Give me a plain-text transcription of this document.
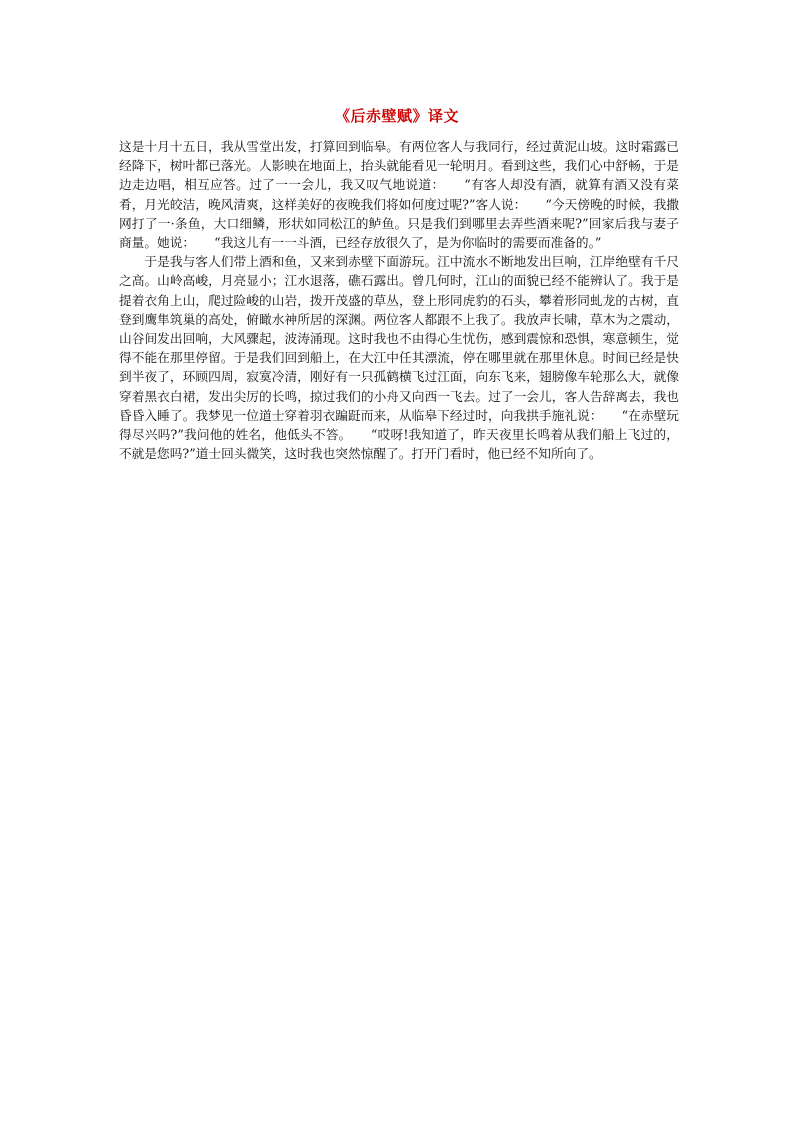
《后赤壁赋》译文

这是十月十五日，我从雪堂出发，打算回到临皋。有两位客人与我同行，经过黄泥山坡。这时霜露已经降下，树叶都已落光。人影映在地面上，抬头就能看见一轮明月。看到这些，我们心中舒畅，于是边走边唱，相互应答。过了一一会儿，我又叹气地说道：　　“有客人却没有酒，就算有酒又没有菜肴，月光皎洁，晚风清爽，这样美好的夜晚我们将如何度过呢?”客人说：　　“今天傍晚的时候，我撒网打了一·条鱼，大口细鳞，形状如同松江的鲈鱼。只是我们到哪里去弄些酒来呢?”回家后我与妻子商量。她说：　　“我这儿有一一斗酒，已经存放很久了，是为你临时的需要而准备的。”

于是我与客人们带上酒和鱼，又来到赤壁下面游玩。江中流水不断地发出巨响，江岸绝壁有千尺之高。山岭高峻，月亮显小；江水退落，礁石露出。曾几何时，江山的面貌已经不能辨认了。我于是提着衣角上山，爬过险峻的山岩，拨开茂盛的草丛，登上形同虎豹的石头，攀着形同虬龙的古树，直登到鹰隼筑巢的高处，俯瞰水神所居的深渊。两位客人都跟不上我了。我放声长啸，草木为之震动，山谷间发出回响，大风骤起，波涛涌现。这时我也不由得心生忧伤，感到震惊和恐惧，寒意顿生，觉得不能在那里停留。于是我们回到船上，在大江中任其漂流，停在哪里就在那里休息。时间已经是快到半夜了，环顾四周，寂寞冷清，刚好有一只孤鹤横飞过江面，向东飞来，翅膀像车轮那么大，就像穿着黑衣白裙，发出尖厉的长鸣，掠过我们的小舟又向西一飞去。过了一会儿，客人告辞离去，我也昏昏入睡了。我梦见一位道士穿着羽衣蹁跹而来，从临皋下经过时，向我拱手施礼说：　　“在赤壁玩得尽兴吗?”我问他的姓名，他低头不答。　　“哎呀!我知道了，昨天夜里长鸣着从我们船上飞过的，不就是您吗?”道士回头微笑，这时我也突然惊醒了。打开门看时，他已经不知所向了。
